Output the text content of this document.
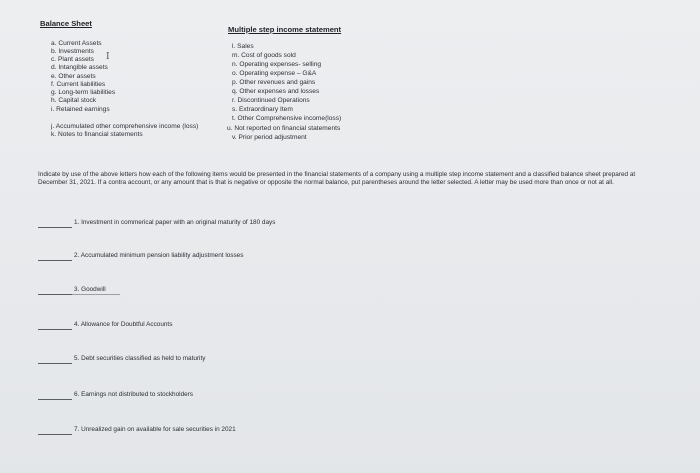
Balance Sheet
Multiple step income statement
a. Current Assets
b. Investments
c. Plant assets I
d. Intangible assets
e. Other assets
f. Current liabilities
g. Long-term liabilities
h. Capital stock
i. Retained earnings
j. Accumulated other comprehensive income (loss)
k. Notes to financial statements
l. Sales
m. Cost of goods sold
n. Operating expenses- selling
o. Operating expense – G&A
p. Other revenues and gains
q. Other expenses and losses
r. Discontinued Operations
s. Extraordinary Item
t. Other Comprehensive income(loss)
u. Not reported on financial statements
v. Prior period adjustment
Indicate by use of the above letters how each of the following items would be presented in the financial statements of a company using a multiple step income statement and a classified balance sheet prepared at December 31, 2021. If a contra account, or any amount that is that is negative or opposite the normal balance, put parentheses around the letter selected. A letter may be used more than once or not at all.
1. Investment in commerical paper with an original maturity of 180 days
2. Accumulated minimum pension liability adjustment losses
3. Goodwill
4. Allowance for Doubtful Accounts
5. Debt securities classified as held to maturity
6. Earnings not distributed to stockholders
7. Unrealized gain on available for sale securities in 2021
